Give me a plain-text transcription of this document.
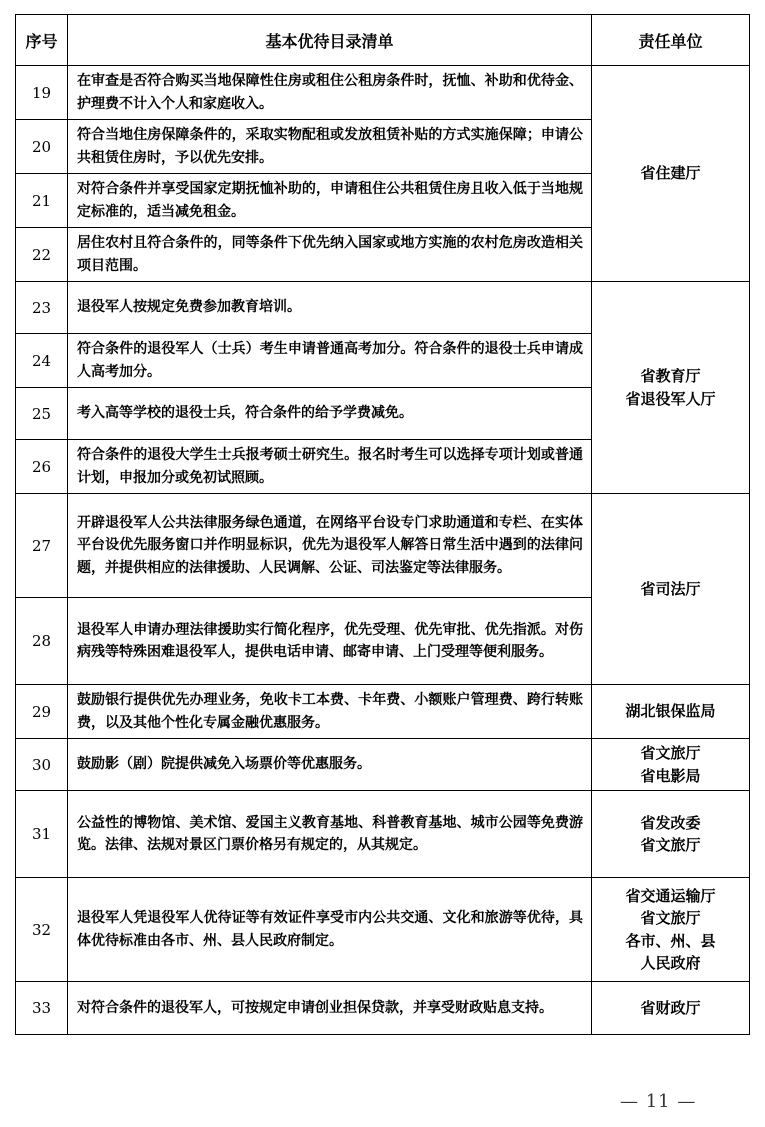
序号	基本优待目录清单	责任单位
19	在审查是否符合购买当地保障性住房或租住公租房条件时，抚恤、补助和优待金、护理费不计入个人和家庭收入。	省住建厅

20	符合当地住房保障条件的，采取实物配租或发放租赁补贴的方式实施保障；申请公共租赁住房时，予以优先安排。	
21	对符合条件并享受国家定期抚恤补助的，申请租住公共租赁住房且收入低于当地规定标准的，适当减免租金。	
22	居住农村且符合条件的，同等条件下优先纳入国家或地方实施的农村危房改造相关项目范围。	
23	退役军人按规定免费参加教育培训。	省教育厅
省退役军人厅

24	符合条件的退役军人（士兵）考生申请普通高考加分。符合条件的退役士兵申请成人高考加分。	
25	考入高等学校的退役士兵，符合条件的给予学费减免。	
26	符合条件的退役大学生士兵报考硕士研究生。报名时考生可以选择专项计划或普通计划，申报加分或免初试照顾。	
27	开辟退役军人公共法律服务绿色通道，在网络平台设专门求助通道和专栏、在实体平台设优先服务窗口并作明显标识，优先为退役军人解答日常生活中遇到的法律问题，并提供相应的法律援助、人民调解、公证、司法鉴定等法律服务。	省司法厅

28	退役军人申请办理法律援助实行简化程序，优先受理、优先审批、优先指派。对伤病残等特殊困难退役军人，提供电话申请、邮寄申请、上门受理等便利服务。	
29	鼓励银行提供优先办理业务，免收卡工本费、卡年费、小额账户管理费、跨行转账费，以及其他个性化专属金融优惠服务。	湖北银保监局

30	鼓励影（剧）院提供减免入场票价等优惠服务。	省文旅厅
省电影局

31	公益性的博物馆、美术馆、爱国主义教育基地、科普教育基地、城市公园等免费游览。法律、法规对景区门票价格另有规定的，从其规定。	省发改委
省文旅厅

32	退役军人凭退役军人优待证等有效证件享受市内公共交通、文化和旅游等优待，具体优待标准由各市、州、县人民政府制定。	省交通运输厅
省文旅厅
各市、州、县
人民政府

33	对符合条件的退役军人，可按规定申请创业担保贷款，并享受财政贴息支持。	省财政厅
— 11 —
